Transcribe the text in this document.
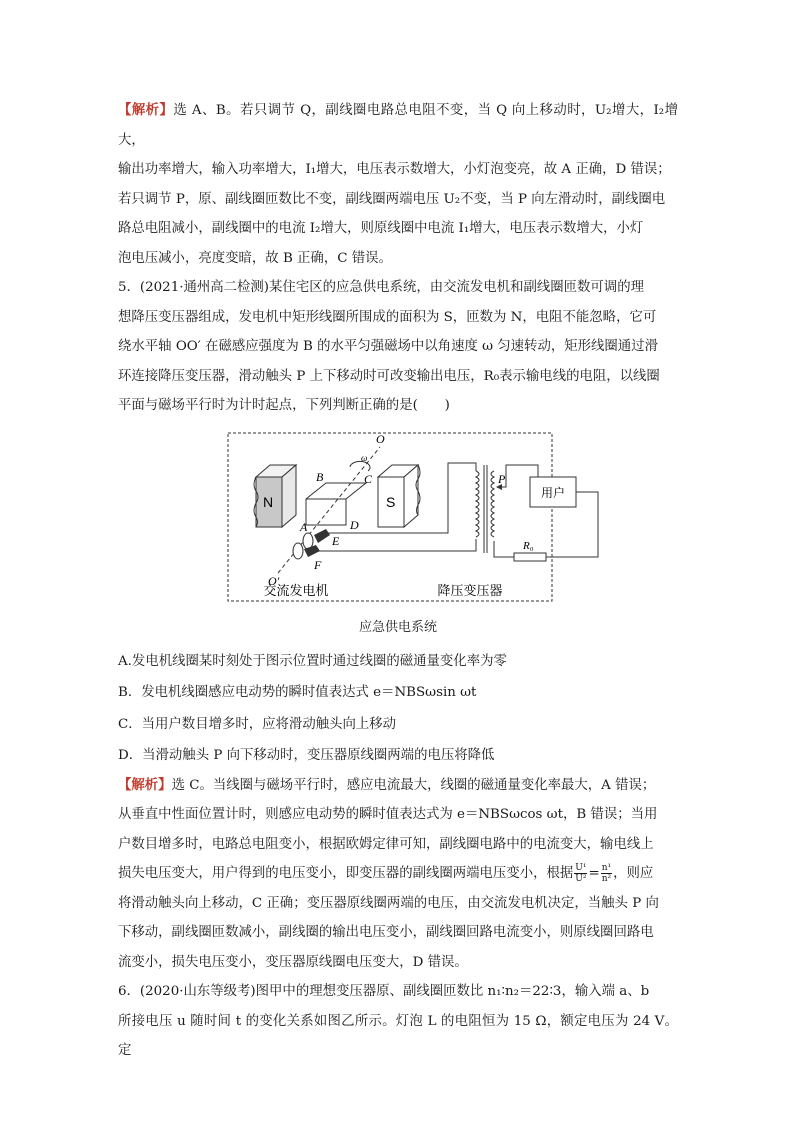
【解析】选 A、B。若只调节 Q，副线圈电路总电阻不变，当 Q 向上移动时，U₂增大，I₂增大，

输出功率增大，输入功率增大，I₁增大，电压表示数增大，小灯泡变亮，故 A 正确，D 错误；

若只调节 P，原、副线圈匝数比不变，副线圈两端电压 U₂不变，当 P 向左滑动时，副线圈电

路总电阻减小，副线圈中的电流 I₂增大，则原线圈中电流 I₁增大，电压表示数增大，小灯

泡电压减小，亮度变暗，故 B 正确，C 错误。

5．(2021·通州高二检测)某住宅区的应急供电系统，由交流发电机和副线圈匝数可调的理

想降压变压器组成，发电机中矩形线圈所围成的面积为 S，匝数为 N，电阻不能忽略，它可

绕水平轴 OO′ 在磁感应强度为 B 的水平匀强磁场中以角速度 ω 匀速转动，矩形线圈通过滑

环连接降压变压器，滑动触头 P 上下移动时可改变输出电压，R₀表示输电线的电阻，以线圈

平面与磁场平行时为计时起点，下列判断正确的是(　　)

N	S
O
O′
ω
B	C
A	D
E
F
P
用户
R₀
交流发电机	降压变压器
应急供电系统

A.发电机线圈某时刻处于图示位置时通过线圈的磁通量变化率为零

B．发电机线圈感应电动势的瞬时值表达式 e＝NBSωsin ωt

C．当用户数目增多时，应将滑动触头向上移动

D．当滑动触头 P 向下移动时，变压器原线圈两端的电压将降低

【解析】选 C。当线圈与磁场平行时，感应电流最大，线圈的磁通量变化率最大，A 错误；

从垂直中性面位置计时，则感应电动势的瞬时值表达式为 e＝NBSωcos ωt，B 错误；当用

户数目增多时，电路总电阻变小，根据欧姆定律可知，副线圈电路中的电流变大，输电线上

损失电压变大，用户得到的电压变小，即变压器的副线圈两端电压变小，根据 $\frac{\text{U¹}}{\text{U²}} = \frac{\text{n¹}}{\text{n²}}$ ，则应

将滑动触头向上移动，C 正确；变压器原线圈两端的电压，由交流发电机决定，当触头 P 向

下移动，副线圈匝数减小，副线圈的输出电压变小，副线圈回路电流变小，则原线圈回路电

流变小，损失电压变小，变压器原线圈电压变大，D 错误。

6．(2020·山东等级考)图甲中的理想变压器原、副线圈匝数比 n₁∶n₂＝22∶3，输入端 a、b

所接电压 u 随时间 t 的变化关系如图乙所示。灯泡 L 的电阻恒为 15 Ω，额定电压为 24 V。定
